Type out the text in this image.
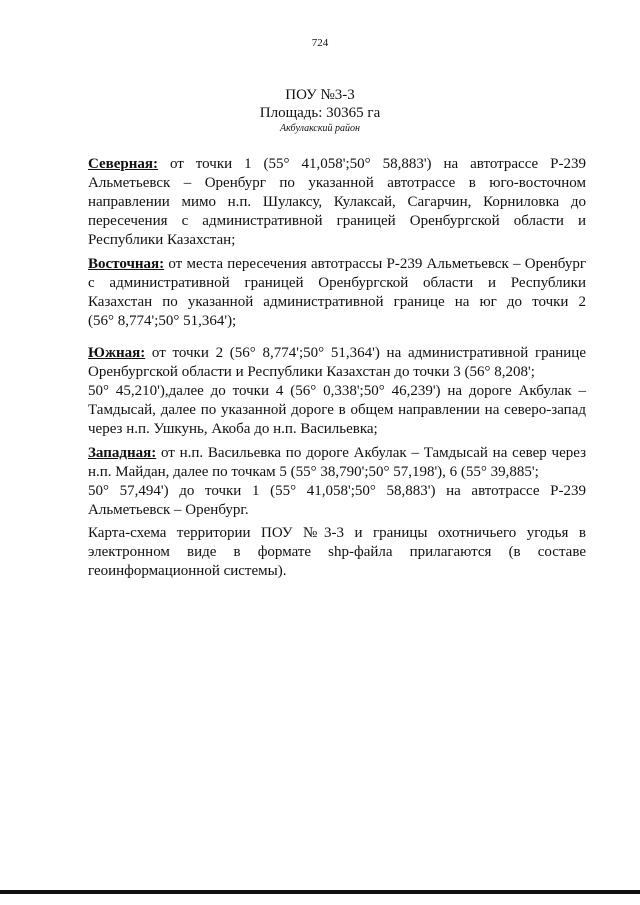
724
ПОУ №3-3
Площадь: 30365 га
Акбулакский район
Северная: от точки 1 (55° 41,058';50° 58,883') на автотрассе Р-239
Альметьевск – Оренбург по указанной автотрассе в юго-восточном
направлении мимо н.п. Шулаксу, Кулаксай, Сагарчин, Корниловка до
пересечения с административной границей Оренбургской области и
Республики Казахстан;
Восточная: от места пересечения автотрассы Р-239 Альметьевск – Оренбург
с административной границей Оренбургской области и Республики
Казахстан по указанной административной границе на юг до точки 2
(56° 8,774';50° 51,364');
Южная: от точки 2 (56° 8,774';50° 51,364') на административной границе
Оренбургской области и Республики Казахстан до точки 3 (56° 8,208';
50° 45,210'),далее до точки 4 (56° 0,338';50° 46,239') на дороге Акбулак –
Тамдысай, далее по указанной дороге в общем направлении на северо-запад
через н.п. Ушкунь, Акоба до н.п. Васильевка;
Западная: от н.п. Васильевка по дороге Акбулак – Тамдысай на север через
н.п. Майдан, далее по точкам 5 (55° 38,790';50° 57,198'), 6 (55° 39,885';
50° 57,494') до точки 1 (55° 41,058';50° 58,883') на автотрассе Р-239
Альметьевск – Оренбург.
Карта-схема территории ПОУ №3-3 и границы охотничьего угодья в
электронном виде в формате shp-файла прилагаются (в составе
геоинформационной системы).
